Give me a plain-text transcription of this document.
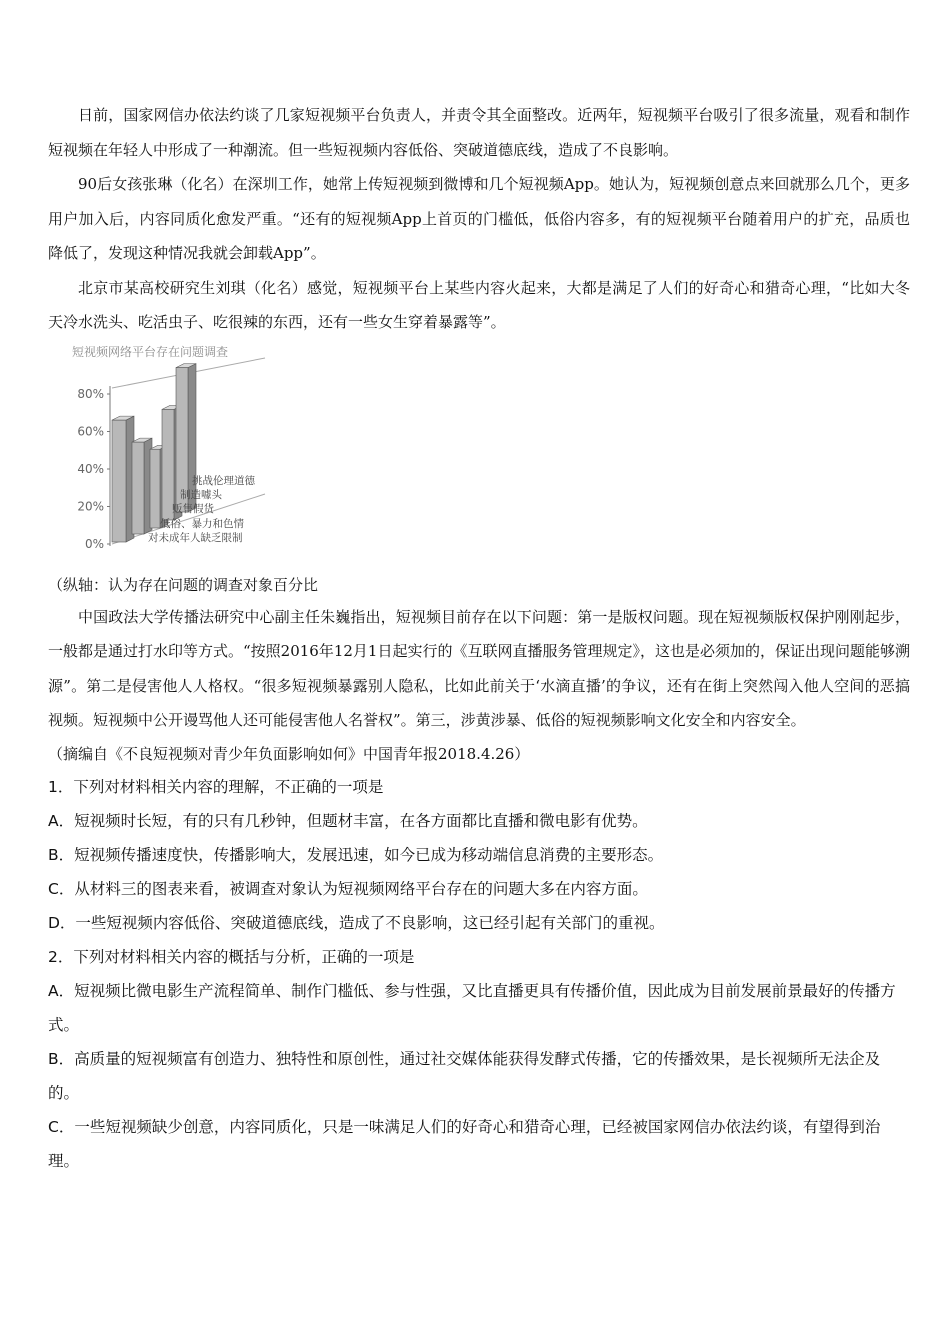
日前，国家网信办依法约谈了几家短视频平台负责人，并责令其全面整改。近两年，短视频平台吸引了很多流量，观看和制作短视频在年轻人中形成了一种潮流。但一些短视频内容低俗、突破道德底线，造成了不良影响。

90后女孩张琳（化名）在深圳工作，她常上传短视频到微博和几个短视频App。她认为，短视频创意点来回就那么几个，更多用户加入后，内容同质化愈发严重。“还有的短视频App上首页的门槛低，低俗内容多，有的短视频平台随着用户的扩充，品质也降低了，发现这种情况我就会卸载App”。

北京市某高校研究生刘琪（化名）感觉，短视频平台上某些内容火起来，大都是满足了人们的好奇心和猎奇心理，“比如大冬天冷水洗头、吃活虫子、吃很辣的东西，还有一些女生穿着暴露等”。

短视频网络平台存在问题调查
0%
20%
40%
60%
80%
挑战伦理道德
制造噱头
贩售假货
低俗、暴力和色情
对未成年人缺乏限制

（纵轴：认为存在问题的调查对象百分比

中国政法大学传播法研究中心副主任朱巍指出，短视频目前存在以下问题：第一是版权问题。现在短视频版权保护刚刚起步，一般都是通过打水印等方式。“按照2016年12月1日起实行的《互联网直播服务管理规定》，这也是必须加的，保证出现问题能够溯源”。第二是侵害他人人格权。“很多短视频暴露别人隐私，比如此前关于‘水滴直播’的争议，还有在街上突然闯入他人空间的恶搞视频。短视频中公开谩骂他人还可能侵害他人名誉权”。第三，涉黄涉暴、低俗的短视频影响文化安全和内容安全。

（摘编自《不良短视频对青少年负面影响如何》中国青年报2018.4.26）

1．下列对材料相关内容的理解，不正确的一项是

A．短视频时长短，有的只有几秒钟，但题材丰富，在各方面都比直播和微电影有优势。

B．短视频传播速度快，传播影响大，发展迅速，如今已成为移动端信息消费的主要形态。

C．从材料三的图表来看，被调查对象认为短视频网络平台存在的问题大多在内容方面。

D．一些短视频内容低俗、突破道德底线，造成了不良影响，这已经引起有关部门的重视。

2．下列对材料相关内容的概括与分析，正确的一项是

A．短视频比微电影生产流程简单、制作门槛低、参与性强，又比直播更具有传播价值，因此成为目前发展前景最好的传播方式。

B．高质量的短视频富有创造力、独特性和原创性，通过社交媒体能获得发酵式传播，它的传播效果，是长视频所无法企及的。

C．一些短视频缺少创意，内容同质化，只是一味满足人们的好奇心和猎奇心理，已经被国家网信办依法约谈，有望得到治理。
